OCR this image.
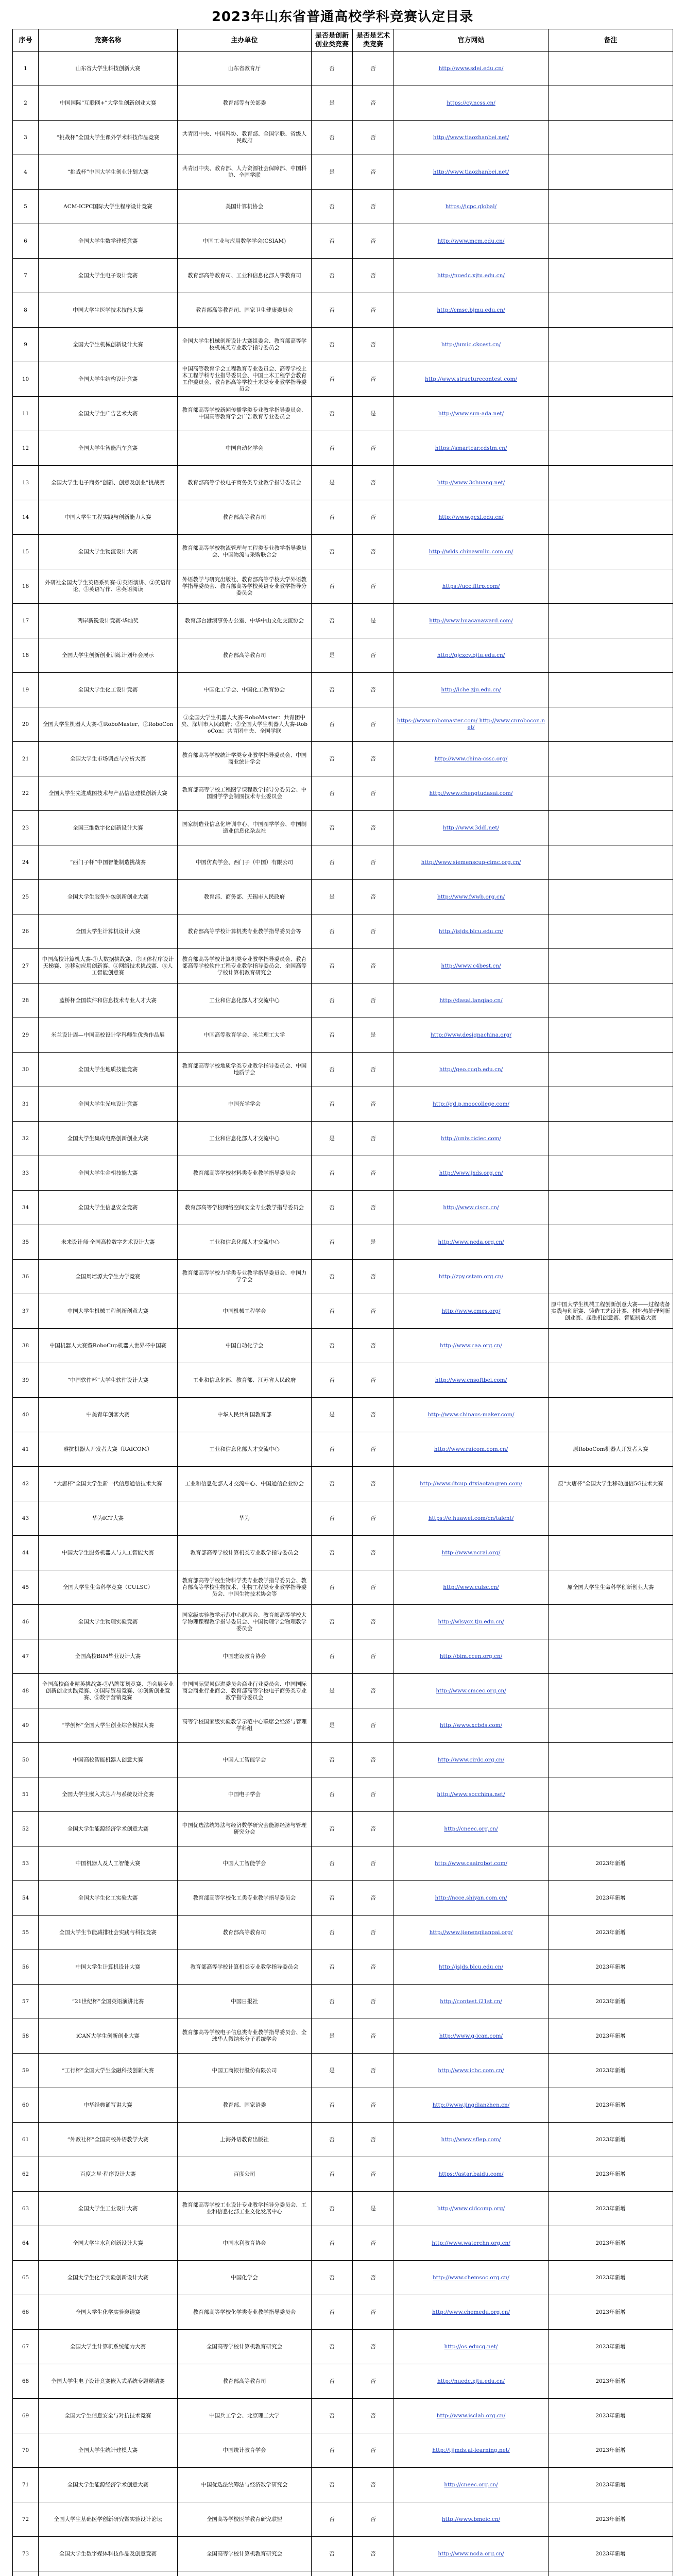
2023年山东省普通高校学科竞赛认定目录
序号	竞赛名称	主办单位	是否是创新创业类竞赛	是否是艺术类竞赛	官方网站	备注
1	山东省大学生科技创新大赛	山东省教育厅	否	否	http://www.sdei.edu.cn/	
2	中国国际“互联网+”大学生创新创业大赛	教育部等有关部委	是	否	https://cy.ncss.cn/	
3	“挑战杯”全国大学生课外学术科技作品竞赛	共青团中央、中国科协、教育部、全国学联、省级人民政府	否	否	http://www.tiaozhanbei.net/	
4	“挑战杯”中国大学生创业计划大赛	共青团中央、教育部、人力资源社会保障部、中国科协、全国学联	是	否	http://www.tiaozhanbei.net/	
5	ACM-ICPC国际大学生程序设计竞赛	美国计算机协会	否	否	https://icpc.global/	
6	全国大学生数学建模竞赛	中国工业与应用数学学会(CSIAM)	否	否	http://www.mcm.edu.cn/	
7	全国大学生电子设计竞赛	教育部高等教育司、工业和信息化部人事教育司	否	否	http://nuedc.xjtu.edu.cn/	
8	中国大学生医学技术技能大赛	教育部高等教育司、国家卫生健康委员会	否	否	http://cmsc.bjmu.edu.cn/	
9	全国大学生机械创新设计大赛	全国大学生机械创新设计大赛组委会、教育部高等学校机械类专业教学指导委员会	否	否	http://umic.ckcest.cn/	
10	全国大学生结构设计竞赛	中国高等教育学会工程教育专业委员会、高等学校土木工程学科专业指导委员会、中国土木工程学会教育工作委员会、教育部高等学校土木类专业教学指导委员会	否	否	http://www.structurecontest.com/	
11	全国大学生广告艺术大赛	教育部高等学校新闻传播学类专业教学指导委员会、中国高等教育学会广告教育专业委员会	否	是	http://www.sun-ada.net/	
12	全国大学生智能汽车竞赛	中国自动化学会	否	否	https://smartcar.cdstm.cn/	
13	全国大学生电子商务“创新、创意及创业”挑战赛	教育部高等学校电子商务类专业教学指导委员会	是	否	http://www.3chuang.net/	
14	中国大学生工程实践与创新能力大赛	教育部高等教育司	否	否	http://www.gcxl.edu.cn/	
15	全国大学生物流设计大赛	教育部高等学校物流管理与工程类专业教学指导委员会、中国物流与采购联合会	否	否	http://wlds.chinawuliu.com.cn/	
16	外研社全国大学生英语系列赛-①英语演讲、②英语辩论、③英语写作、④英语阅读	外语教学与研究出版社、教育部高等学校大学外语教学指导委员会、教育部高等学校英语专业教学指导分委员会	否	否	https://ucc.fltrp.com/	
17	两岸新锐设计竞赛·华灿奖	教育部台港澳事务办公室、中华中山文化交流协会	否	是	http://www.huacanaward.com/	
18	全国大学生创新创业训练计划年会展示	教育部高等教育司	是	否	http://gjcxcy.bjtu.edu.cn/	
19	全国大学生化工设计竞赛	中国化工学会、中国化工教育协会	否	否	http://iche.zju.edu.cn/	
20	全国大学生机器人大赛-①RoboMaster、②RoboCon	①全国大学生机器人大赛-RoboMaster：共青团中央、深圳市人民政府；②全国大学生机器人大赛-RoboCon：共青团中央、全国学联	否	否	https://www.robomaster.com/ http://www.cnrobocon.net/	
21	全国大学生市场调查与分析大赛	教育部高等学校统计学类专业教学指导委员会、中国商业统计学会	否	否	http://www.china-cssc.org/	
22	全国大学生先进成图技术与产品信息建模创新大赛	教育部高等学校工程图学课程教学指导分委员会、中国图学学会制图技术专业委员会	否	否	http://www.chengtudasai.com/	
23	全国三维数字化创新设计大赛	国家制造业信息化培训中心、中国图学学会、中国制造业信息化杂志社	否	否	http://www.3ddl.net/	
24	“西门子杯”中国智能制造挑战赛	中国仿真学会、西门子（中国）有限公司	否	否	http://www.siemenscup-cimc.org.cn/	
25	全国大学生服务外包创新创业大赛	教育部、商务部、无锡市人民政府	是	否	http://www.fwwb.org.cn/	
26	全国大学生计算机设计大赛	教育部高等学校计算机类专业教学指导委员会等	否	否	http://jsjds.blcu.edu.cn/	
27	中国高校计算机大赛-①大数据挑战赛、②团体程序设计天梯赛、③移动应用创新赛、④网络技术挑战赛、⑤人工智能创意赛	教育部高等学校计算机类专业教学指导委员会、教育部高等学校软件工程专业教学指导委员会、全国高等学校计算机教育研究会	否	否	http://www.c4best.cn/	
28	蓝桥杯全国软件和信息技术专业人才大赛	工业和信息化部人才交流中心	否	否	http://dasai.lanqiao.cn/	
29	米兰设计周—中国高校设计学科师生优秀作品展	中国高等教育学会、米兰理工大学	否	是	http://www.designachina.org/	
30	全国大学生地质技能竞赛	教育部高等学校地质学类专业教学指导委员会、中国地质学会	否	否	http://geo.cugb.edu.cn/	
31	全国大学生光电设计竞赛	中国光学学会	否	否	http://gd.p.moocollege.com/	
32	全国大学生集成电路创新创业大赛	工业和信息化部人才交流中心	是	否	http://univ.ciciec.com/	
33	全国大学生金相技能大赛	教育部高等学校材料类专业教学指导委员会	否	否	http://www.jxds.org.cn/	
34	全国大学生信息安全竞赛	教育部高等学校网络空间安全专业教学指导委员会	否	否	http://www.ciscn.cn/	
35	未来设计师·全国高校数字艺术设计大赛	工业和信息化部人才交流中心	否	是	http://www.ncda.org.cn/	
36	全国周培源大学生力学竞赛	教育部高等学校力学类专业教学指导委员会、中国力学学会	否	否	http://zpy.cstam.org.cn/	
37	中国大学生机械工程创新创意大赛	中国机械工程学会	否	否	http://www.cmes.org/	原中国大学生机械工程创新创意大赛——过程装备实践与创新赛、铸造工艺设计赛、材料热处理创新创业赛、起重机创意赛、智能制造大赛
38	中国机器人大赛暨RoboCup机器人世界杯中国赛	中国自动化学会	否	否	http://www.caa.org.cn/	
39	“中国软件杯”大学生软件设计大赛	工业和信息化部、教育部、江苏省人民政府	否	否	http://www.cnsoftbei.com/	
40	中美青年创客大赛	中华人民共和国教育部	是	否	http://www.chinaus-maker.com/	
41	睿抗机器人开发者大赛（RAICOM）	工业和信息化部人才交流中心	否	否	http://www.raicom.com.cn/	原RoboCom机器人开发者大赛
42	“大唐杯”全国大学生新一代信息通信技术大赛	工业和信息化部人才交流中心、中国通信企业协会	否	否	http://www.dtcup.dtxiaotangren.com/	原“大唐杯”全国大学生移动通信5G技术大赛
43	华为ICT大赛	华为	否	否	https://e.huawei.com/cn/talent/	
44	中国大学生服务机器人与人工智能大赛	教育部高等学校计算机类专业教学指导委员会	否	否	http://www.ncrai.org/	
45	全国大学生生命科学竞赛（CULSC）	教育部高等学校生物科学类专业教学指导委员会、教育部高等学校生物技术、生物工程类专业教学指导委员会、中国生物技术协会等	否	否	http://www.culsc.cn/	原全国大学生生命科学创新创业大赛
46	全国大学生物理实验竞赛	国家级实验教学示范中心联席会、教育部高等学校大学物理课程教学指导委员会、中国物理学会物理教学委员会	否	否	http://wlsycx.tju.edu.cn/	
47	全国高校BIM毕业设计大赛	中国建设教育协会	否	否	http://bim.ccen.org.cn/	
48	全国高校商业精英挑战赛-①品牌策划竞赛、②会展专业创新创业实践竞赛、③国际贸易竞赛、④创新创业竞赛、⑤数字营销竞赛	中国国际贸易促进委员会商业行业委员会、中国国际商会商业行业商会、教育部高等学校电子商务类专业教学指导委员会	是	否	http://www.cmcec.org.cn/	
49	“学创杯”全国大学生创业综合模拟大赛	高等学校国家级实验教学示范中心联席会经济与管理学科组	是	否	http://www.xcbds.com/	
50	中国高校智能机器人创意大赛	中国人工智能学会	否	否	http://www.cirdc.org.cn/	
51	全国大学生嵌入式芯片与系统设计竞赛	中国电子学会	否	否	http://www.socchina.net/	
52	全国大学生能源经济学术创意大赛	中国优选法统筹法与经济数学研究会能源经济与管理研究分会	否	否	http://cneec.org.cn/	
53	中国机器人及人工智能大赛	中国人工智能学会	否	否	http://www.caairobot.com/	2023年新增
54	全国大学生化工实验大赛	教育部高等学校化工类专业教学指导委员会	否	否	http://ncce.shiyan.com.cn/	2023年新增
55	全国大学生节能减排社会实践与科技竞赛	教育部高等教育司	否	否	http://www.jienengjianpai.org/	2023年新增
56	中国大学生计算机设计大赛	教育部高等学校计算机类专业教学指导委员会	否	否	http://jsjds.blcu.edu.cn/	2023年新增
57	“21世纪杯”全国英语演讲比赛	中国日报社	否	否	http://contest.i21st.cn/	2023年新增
58	iCAN大学生创新创业大赛	教育部高等学校电子信息类专业教学指导委员会、全球华人微纳米分子系统学会	是	否	http://www.g-ican.com/	2023年新增
59	“工行杯”全国大学生金融科技创新大赛	中国工商银行股份有限公司	是	否	http://www.icbc.com.cn/	2023年新增
60	中华经典诵写讲大赛	教育部、国家语委	否	否	http://www.jingdianzhen.cn/	2023年新增
61	“外教社杯”全国高校外语教学大赛	上海外语教育出版社	否	否	http://www.sflep.com/	2023年新增
62	百度之星·程序设计大赛	百度公司	否	否	https://astar.baidu.com/	2023年新增
63	全国大学生工业设计大赛	教育部高等学校工业设计专业教学指导分委员会、工业和信息化部工业文化发展中心	否	是	http://www.cidcomp.org/	2023年新增
64	全国大学生水利创新设计大赛	中国水利教育协会	否	否	http://www.waterchn.org.cn/	2023年新增
65	全国大学生化学实验创新设计大赛	中国化学会	否	否	http://www.chemsoc.org.cn/	2023年新增
66	全国大学生化学实验邀请赛	教育部高等学校化学类专业教学指导委员会	否	否	http://www.chemedu.org.cn/	2023年新增
67	全国大学生计算机系统能力大赛	全国高等学校计算机教育研究会	否	否	http://os.educg.net/	2023年新增
68	全国大学生电子设计竞赛嵌入式系统专题邀请赛	教育部高等教育司	否	否	http://nuedc.xjtu.edu.cn/	2023年新增
69	全国大学生信息安全与对抗技术竞赛	中国兵工学会、北京理工大学	否	否	http://www.isclab.org.cn/	2023年新增
70	全国大学生统计建模大赛	中国统计教育学会	否	否	http://tjjmds.ai-learning.net/	2023年新增
71	全国大学生能源经济学术创意大赛	中国优选法统筹法与经济数学研究会	否	否	http://cneec.org.cn/	2023年新增
72	全国大学生基础医学创新研究暨实验设计论坛	全国高等学校医学教育研究联盟	否	否	http://www.bmeic.cn/	2023年新增
73	全国大学生数字媒体科技作品及创意竞赛	全国高等学校计算机教育研究会	否	否	http://www.ncda.org.cn/	2023年新增
